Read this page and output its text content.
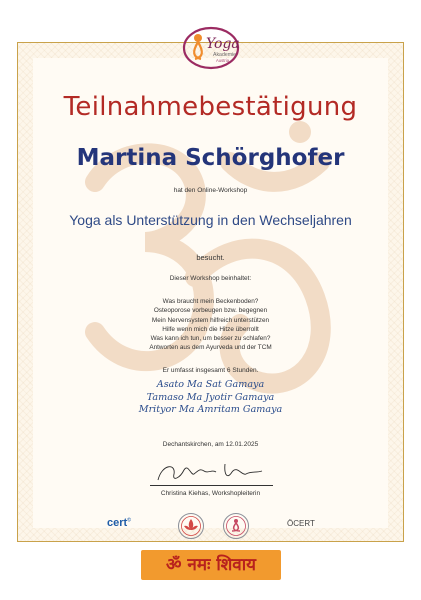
Yoga
Akademie
Austria
Teilnahmebestätigung
Martina Schörghofer
hat den Online-Workshop
Yoga als Unterstützung in den Wechseljahren
besucht.
Dieser Workshop beinhaltet:
Was braucht mein Beckenboden?
Osteoporose vorbeugen bzw. begegnen
Mein Nervensystem hilfreich unterstützen
Hilfe wenn mich die Hitze überrollt
Was kann ich tun, um besser zu schlafen?
Antworten aus dem Ayurveda und der TCM
Er umfasst insgesamt 6 Stunden.
Asato Ma Sat Gamaya
Tamaso Ma Jyotir Gamaya
Mrityor Ma Amritam Gamaya
Dechantskirchen, am 12.01.2025
Christina Kiehas, Workshopleiterin
cert©	ÖCERT
ॐ नमः शिवाय
